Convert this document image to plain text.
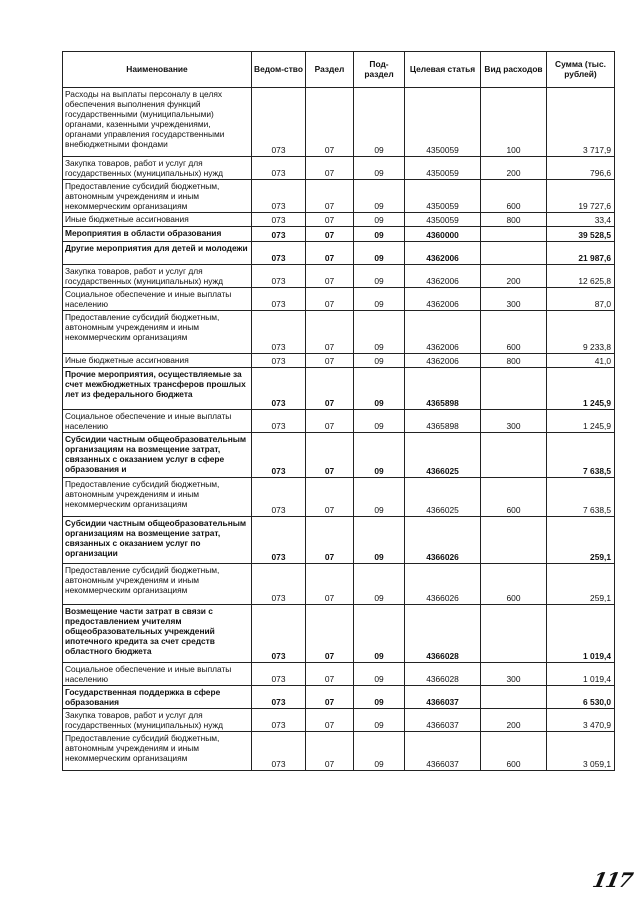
Наименование	Ведом-ство	Раздел	Под-раздел	Целевая статья	Вид расходов	Сумма (тыс. рублей)
Расходы на выплаты персоналу в целях обеспечения выполнения функций государственными (муниципальными) органами, казенными учреждениями, органами управления государственными внебюджетными фондами	073	07	09	4350059	100	3 717,9
Закупка товаров, работ и услуг для государственных (муниципальных) нужд	073	07	09	4350059	200	796,6
Предоставление субсидий бюджетным, автономным учреждениям и иным некоммерческим организациям	073	07	09	4350059	600	19 727,6
Иные бюджетные ассигнования	073	07	09	4350059	800	33,4
Мероприятия в области образования	073	07	09	4360000		39 528,5
Другие мероприятия для детей и молодежи	073	07	09	4362006		21 987,6
Закупка товаров, работ и услуг для государственных (муниципальных) нужд	073	07	09	4362006	200	12 625,8
Социальное обеспечение и иные выплаты населению	073	07	09	4362006	300	87,0
Предоставление субсидий бюджетным, автономным учреждениям и иным некоммерческим организациям	073	07	09	4362006	600	9 233,8
Иные бюджетные ассигнования	073	07	09	4362006	800	41,0
Прочие мероприятия, осуществляемые за счет межбюджетных трансферов прошлых лет из федерального бюджета	073	07	09	4365898		1 245,9
Социальное обеспечение и иные выплаты населению	073	07	09	4365898	300	1 245,9
Субсидии частным общеобразовательным организациям на возмещение затрат, связанных с оказанием услуг в сфере образования и	073	07	09	4366025		7 638,5
Предоставление субсидий бюджетным, автономным учреждениям и иным некоммерческим организациям	073	07	09	4366025	600	7 638,5
Субсидии частным общеобразовательным организациям на возмещение затрат, связанных с оказанием услуг по организации	073	07	09	4366026		259,1
Предоставление субсидий бюджетным, автономным учреждениям и иным некоммерческим организациям	073	07	09	4366026	600	259,1
Возмещение части затрат в связи с предоставлением учителям общеобразовательных учреждений ипотечного кредита за счет средств областного бюджета	073	07	09	4366028		1 019,4
Социальное обеспечение и иные выплаты населению	073	07	09	4366028	300	1 019,4
Государственная поддержка в сфере образования	073	07	09	4366037		6 530,0
Закупка товаров, работ и услуг для государственных (муниципальных) нужд	073	07	09	4366037	200	3 470,9
Предоставление субсидий бюджетным, автономным учреждениям и иным некоммерческим организациям	073	07	09	4366037	600	3 059,1
117
